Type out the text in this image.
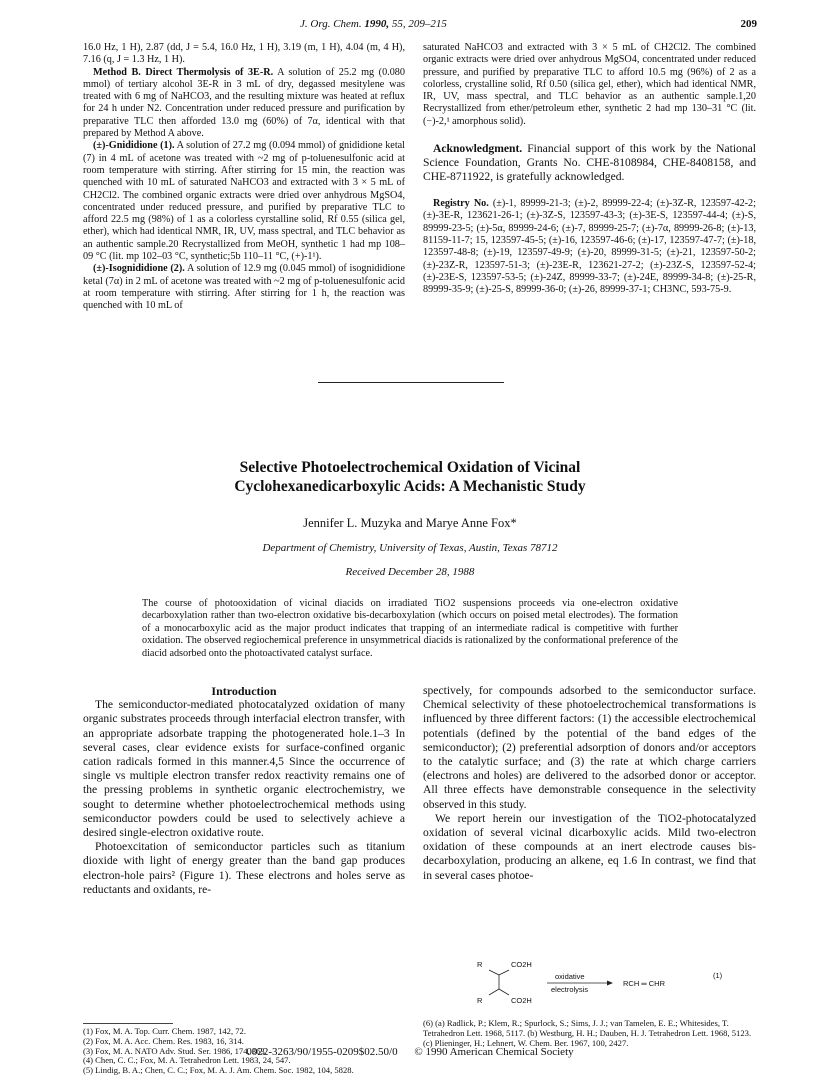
J. Org. Chem. 1990, 55, 209–215	209

16.0 Hz, 1 H), 2.87 (dd, J = 5.4, 16.0 Hz, 1 H), 3.19 (m, 1 H), 4.04 (m, 4 H), 7.16 (q, J = 1.3 Hz, 1 H).

Method B. Direct Thermolysis of 3E-R. A solution of 25.2 mg (0.080 mmol) of tertiary alcohol 3E-R in 3 mL of dry, degassed mesitylene was treated with 6 mg of NaHCO3, and the resulting mixture was heated at reflux for 24 h under N2. Concentration under reduced pressure and purification by preparative TLC then afforded 13.0 mg (60%) of 7α, identical with that prepared by Method A above.

(±)-Gnididione (1). A solution of 27.2 mg (0.094 mmol) of gnididione ketal (7) in 4 mL of acetone was treated with ~2 mg of p-toluenesulfonic acid at room temperature with stirring. After stirring for 15 min, the reaction was quenched with 10 mL of saturated NaHCO3 and extracted with 3 × 5 mL of CH2Cl2. The combined organic extracts were dried over anhydrous MgSO4, concentrated under reduced pressure, and purified by preparative TLC to afford 22.5 mg (98%) of 1 as a colorless cyrstalline solid, Rf 0.55 (silica gel, ether), which had identical NMR, IR, UV, mass spectral, and TLC behavior as an authentic sample.20 Recrystallized from MeOH, synthetic 1 had mp 108–09 °C (lit. mp 102–03 °C, synthetic;5b 110–11 °C, (+)-1¹).

(±)-Isognididione (2). A solution of 12.9 mg (0.045 mmol) of isognididione ketal (7α) in 2 mL of acetone was treated with ~2 mg of p-toluenesulfonic acid at room temperature with stirring. After stirring for 1 h, the reaction was quenched with 10 mL of

saturated NaHCO3 and extracted with 3 × 5 mL of CH2Cl2. The combined organic extracts were dried over anhydrous MgSO4, concentrated under reduced pressure, and purified by preparative TLC to afford 10.5 mg (96%) of 2 as a colorless, crystalline solid, Rf 0.50 (silica gel, ether), which had identical NMR, IR, UV, mass spectral, and TLC behavior as an authentic sample.1,20 Recrystallized from ether/petroleum ether, synthetic 2 had mp 130–31 °C (lit. (−)-2,¹ amorphous solid).

Acknowledgment. Financial support of this work by the National Science Foundation, Grants No. CHE-8108984, CHE-8408158, and CHE-8711922, is gratefully acknowledged.

Registry No. (±)-1, 89999-21-3; (±)-2, 89999-22-4; (±)-3Z-R, 123597-42-2; (±)-3E-R, 123621-26-1; (±)-3Z-S, 123597-43-3; (±)-3E-S, 123597-44-4; (±)-S, 89999-23-5; (±)-5α, 89999-24-6; (±)-7, 89999-25-7; (±)-7α, 89999-26-8; (±)-13, 81159-11-7; 15, 123597-45-5; (±)-16, 123597-46-6; (±)-17, 123597-47-7; (±)-18, 123597-48-8; (±)-19, 123597-49-9; (±)-20, 89999-31-5; (±)-21, 123597-50-2; (±)-23Z-R, 123597-51-3; (±)-23E-R, 123621-27-2; (±)-23Z-S, 123597-52-4; (±)-23E-S, 123597-53-5; (±)-24Z, 89999-33-7; (±)-24E, 89999-34-8; (±)-25-R, 89999-35-9; (±)-25-S, 89999-36-0; (±)-26, 89999-37-1; CH3NC, 593-75-9.

Selective Photoelectrochemical Oxidation of Vicinal
Cyclohexanedicarboxylic Acids: A Mechanistic Study
Jennifer L. Muzyka and Marye Anne Fox*
Department of Chemistry, University of Texas, Austin, Texas 78712
Received December 28, 1988
The course of photooxidation of vicinal diacids on irradiated TiO2 suspensions proceeds via one-electron oxidative decarboxylation rather than two-electron oxidative bis-decarboxylation (which occurs on poised metal electrodes). The formation of a monocarboxylic acid as the major product indicates that trapping of an intermediate radical is competitive with further oxidation. The observed regiochemical preference in unsymmetrical diacids is rationalized by the conformational preference of the diacid adsorbed onto the photoactivated catalyst surface.

Introduction

The semiconductor-mediated photocatalyzed oxidation of many organic substrates proceeds through interfacial electron transfer, with an appropriate adsorbate trapping the photogenerated hole.1–3 In several cases, clear evidence exists for surface-confined organic cation radicals formed in this manner.4,5 Since the occurrence of single vs multiple electron transfer redox reactivity remains one of the pressing problems in synthetic organic electrochemistry, we sought to determine whether photoelectrochemical methods using semiconductor powders could be used to selectively achieve a desired single-electron oxidative route.

Photoexcitation of semiconductor particles such as titanium dioxide with light of energy greater than the band gap produces electron-hole pairs² (Figure 1). These electrons and holes serve as reductants and oxidants, re-

spectively, for compounds adsorbed to the semiconductor surface. Chemical selectivity of these photoelectrochemical transformations is influenced by three different factors: (1) the accessible electrochemical potentials (defined by the potential of the band edges of the semiconductor); (2) preferential adsorption of donors and/or acceptors to the catalytic surface; and (3) the rate at which charge carriers (electrons and holes) are delivered to the adsorbed donor or acceptor. All three effects have demonstrable consequence in the selectivity observed in this study.

We report herein our investigation of the TiO2-photocatalyzed oxidation of several vicinal dicarboxylic acids. Mild two-electron oxidation of these compounds at an inert electrode causes bis-decarboxylation, producing an alkene, eq 1.6 In contrast, we find that in several cases photoe-

R	CO2H
R	CO2H
oxidative
electrolysis
RCH ═ CHR
(1)
(1) Fox, M. A. Top. Curr. Chem. 1987, 142, 72.
(2) Fox, M. A. Acc. Chem. Res. 1983, 16, 314.
(3) Fox, M. A. NATO Adv. Stud. Ser. 1986, 174, 363.
(4) Chen, C. C.; Fox, M. A. Tetrahedron Lett. 1983, 24, 547.
(5) Lindig, B. A.; Chen, C. C.; Fox, M. A. J. Am. Chem. Soc. 1982, 104, 5828.
(6) (a) Radlick, P.; Klem, R.; Spurlock, S.; Sims, J. J.; van Tamelen, E. E.; Whitesides, T. Tetrahedron Lett. 1968, 5117. (b) Westburg, H. H.; Dauben, H. J. Tetrahedron Lett. 1968, 5123. (c) Plieninger, H.; Lehnert, W. Chem. Ber. 1967, 100, 2427.
0022-3263/90/1955-0209$02.50/0 © 1990 American Chemical Society
